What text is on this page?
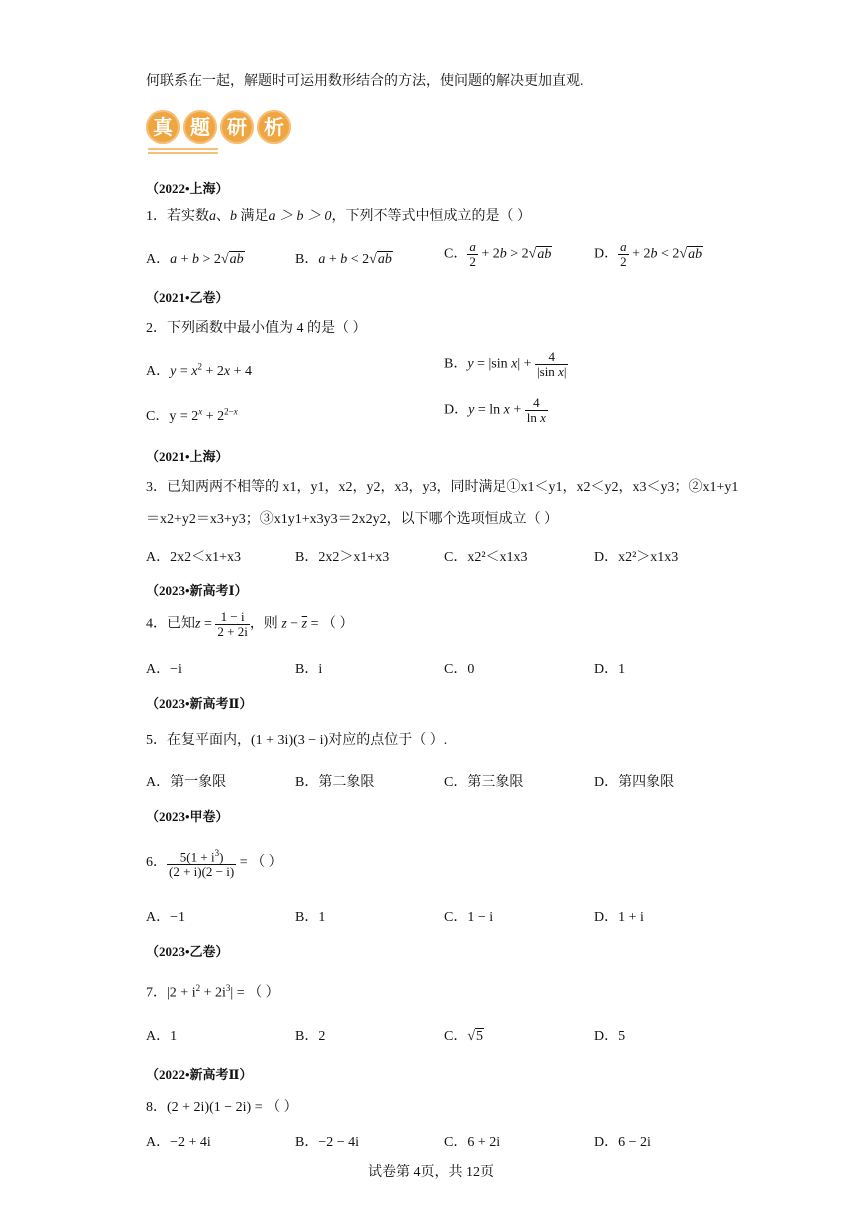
何联系在一起，解题时可运用数形结合的方法，使问题的解决更加直观.
真 题 研 析
（2022•上海）
1．若实数a、b 满足a ＞ b ＞ 0，下列不等式中恒成立的是（ ）
A．a + b > 2√ab	B．a + b < 2√ab	C． $\frac{a}{2} + 2b > 2√ab$	D． $\frac{a}{2} + 2b < 2√ab$
（2021•乙卷）
2．下列函数中最小值为 4 的是（ ）
A．$y = x^2 + 2x + 4$	B．y = |sin $x| + \frac{4}{\text{|sin x|}}$
C．$y = 2^x + 2^{2-x}$	D．$y = \ln x + \frac{4}{\text{ln x}}$
（2021•上海）
3．已知两两不相等的 x1，y1，x2，y2，x3，y3，同时满足①x1＜y1，x2＜y2，x3＜y3；②x1+y1
＝x2+y2＝x3+y3；③x1y1+x3y3＝2x2y2，以下哪个选项恒成立（ ）
A．2x2＜x1+x3	B．2x2＞x1+x3	C．x2²＜x1x3	D．x2²＞x1x3
（2023•新高考Ⅰ）
4．已知$z = \frac{1 - i}{2 + 2i}$ ，则 $z - \overline{z}$ = （ ）
A．−i	B．i	C．0	D．1
（2023•新高考Ⅱ）
5．在复平面内，(1 + 3i)(3 − i)对应的点位于（ ）.
A．第一象限	B．第二象限	C．第三象限	D．第四象限
（2023•甲卷）
6． $\frac{5(1 + i^3)}{(2 + i)(2 - i)}$ = （ ）
A．−1	B．1	C．1 − i	D．1 + i
（2023•乙卷）
7．$|2 + i^2 + 2i^3|$ = （ ）
A．1	B．2	C．√5	D．5
（2022•新高考Ⅱ）
8．(2 + 2i)(1 − 2i) = （ ）
A．−2 + 4i	B．−2 − 4i	C．6 + 2i	D．6 − 2i
试卷第 4页，共 12页
